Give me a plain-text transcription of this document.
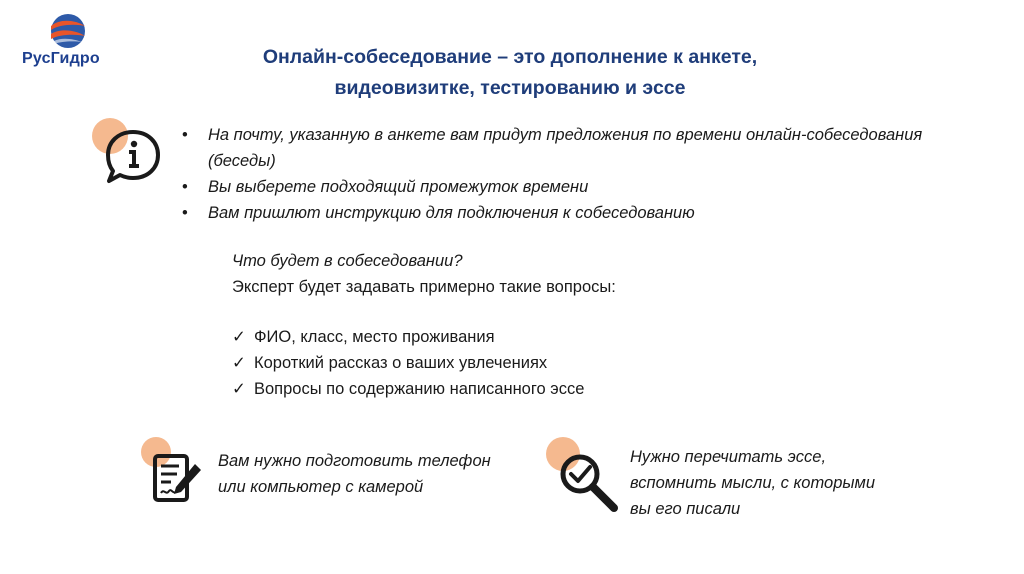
РусГидро	Онлайн-собеседование – это дополнение к анкете,
видеовизитке, тестированию и эссе
• На почту, указанную в анкете вам придут предложения по времени онлайн-собеседования (беседы)
• Вы выберете подходящий промежуток времени
• Вам пришлют инструкцию для подключения к собеседованию
Что будет в собеседовании?
Эксперт будет задавать примерно такие вопросы:
✓ ФИО, класс, место проживания
✓ Короткий рассказ о ваших увлечениях
✓ Вопросы по содержанию написанного эссе
Вам нужно подготовить телефон или компьютер с камерой
Нужно перечитать эссе, вспомнить мысли, с которыми вы его писали
